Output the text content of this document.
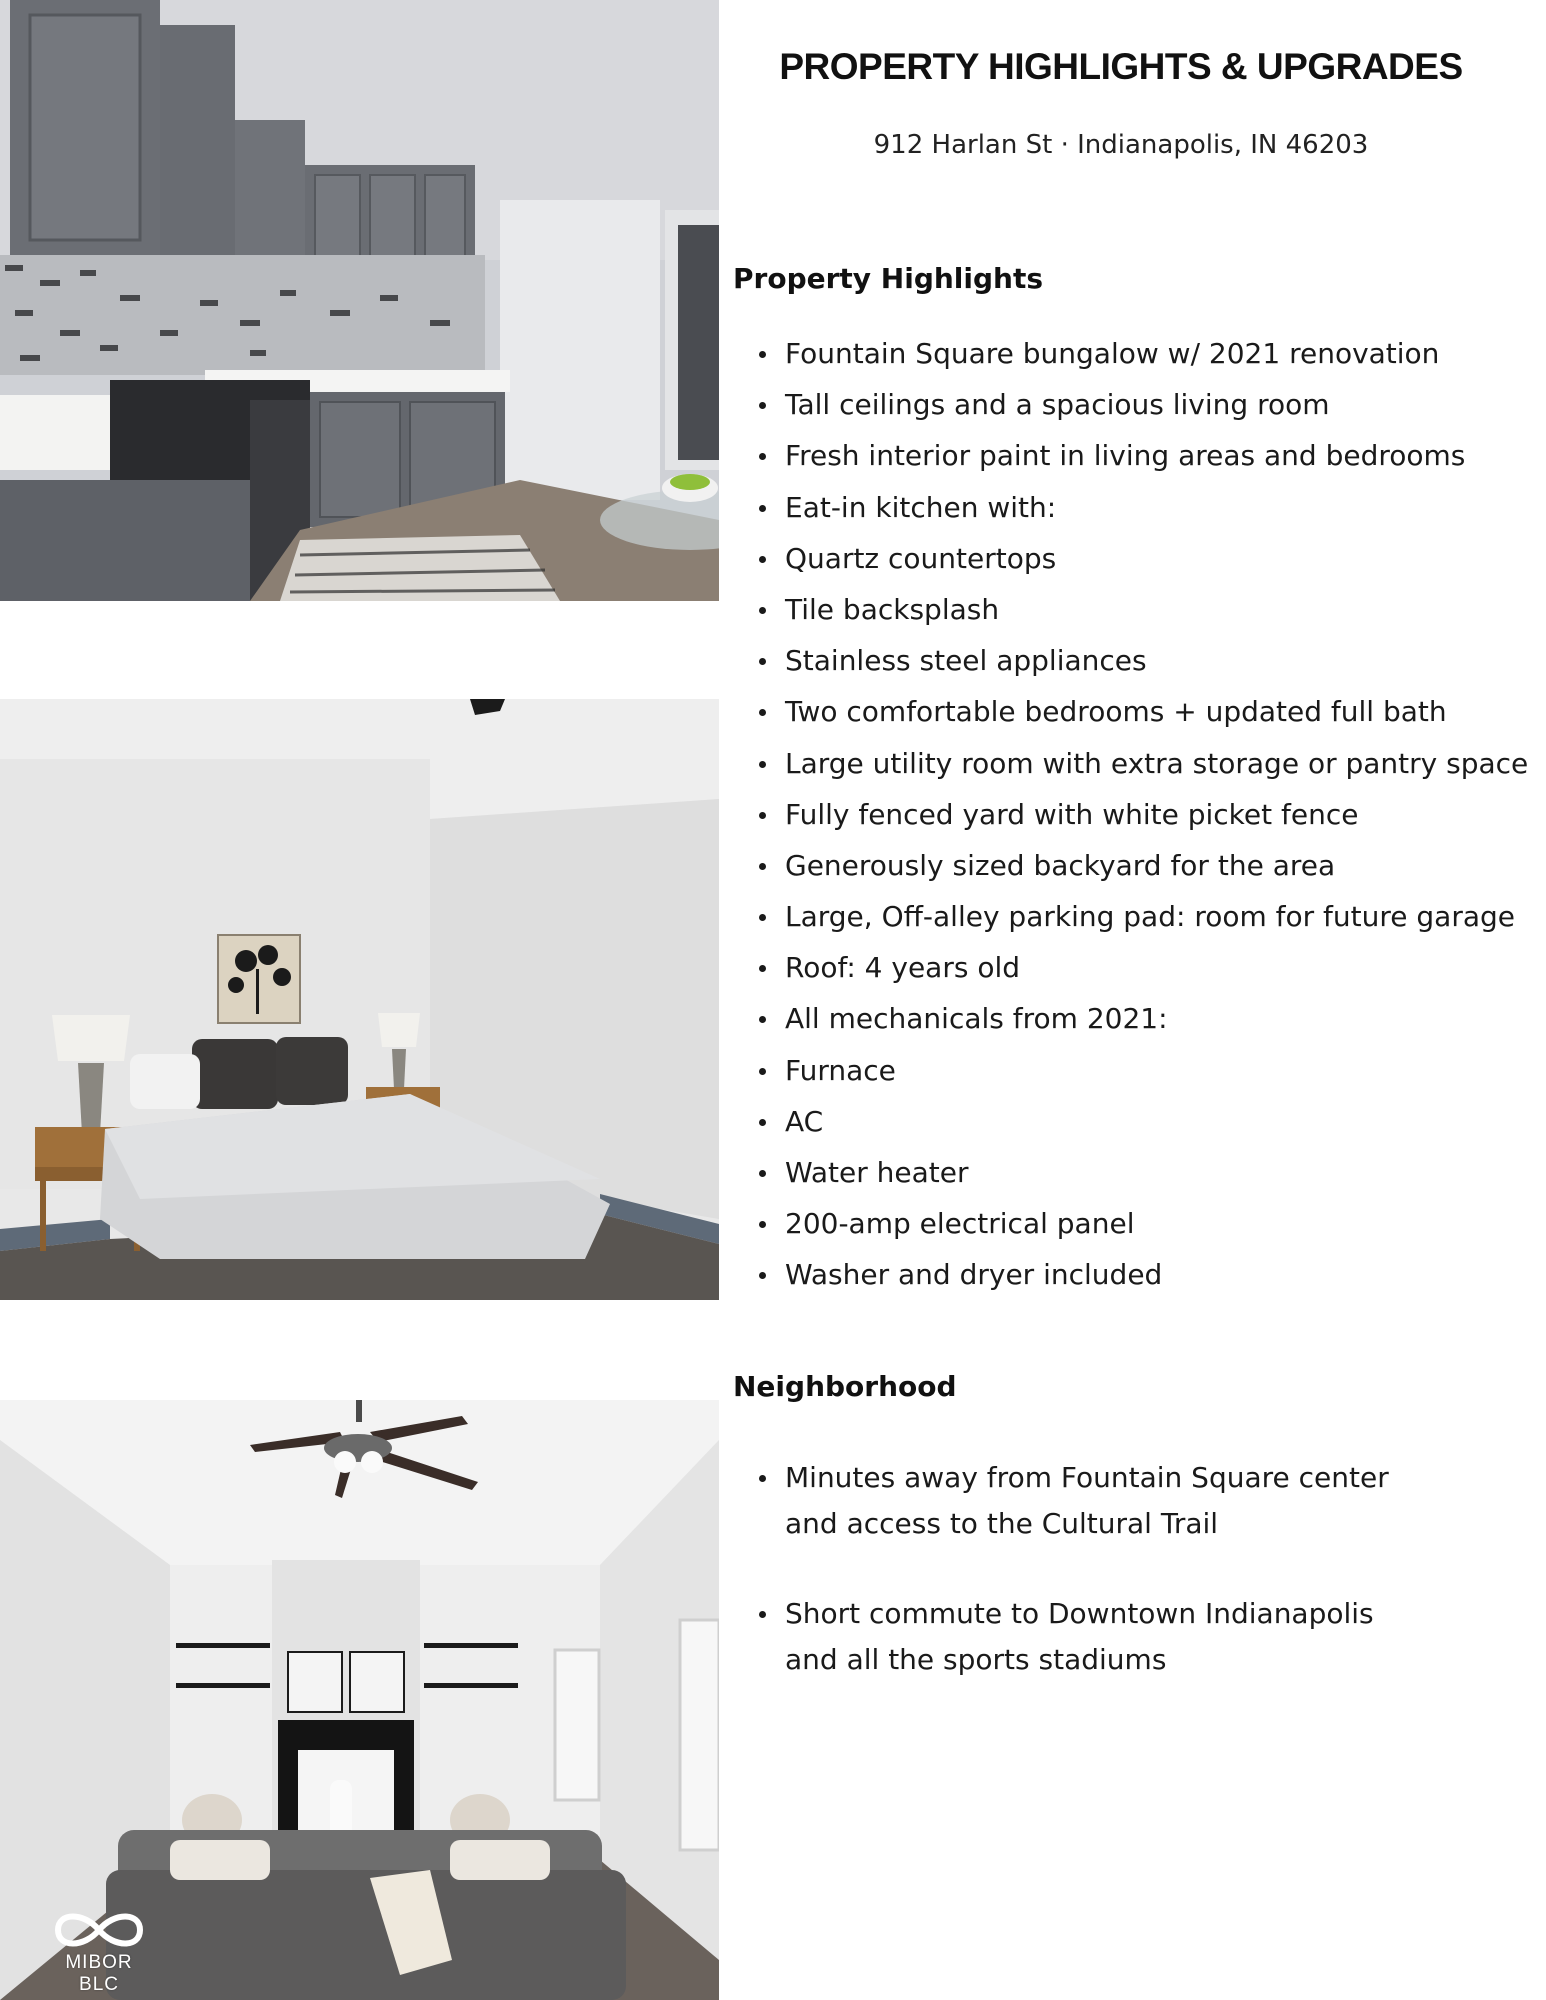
MIBOR BLC
PROPERTY HIGHLIGHTS & UPGRADES

912 Harlan St · Indianapolis, IN 46203

Property Highlights
Fountain Square bungalow w/ 2021 renovation
Tall ceilings and a spacious living room
Fresh interior paint in living areas and bedrooms
Eat-in kitchen with:
Quartz countertops
Tile backsplash
Stainless steel appliances
Two comfortable bedrooms + updated full bath
Large utility room with extra storage or pantry space
Fully fenced yard with white picket fence
Generously sized backyard for the area
Large, Off-alley parking pad: room for future garage
Roof: 4 years old
All mechanicals from 2021:
Furnace
AC
Water heater
200-amp electrical panel
Washer and dryer included
Neighborhood
Minutes away from Fountain Square center and access to the Cultural Trail
Short commute to Downtown Indianapolis and all the sports stadiums
